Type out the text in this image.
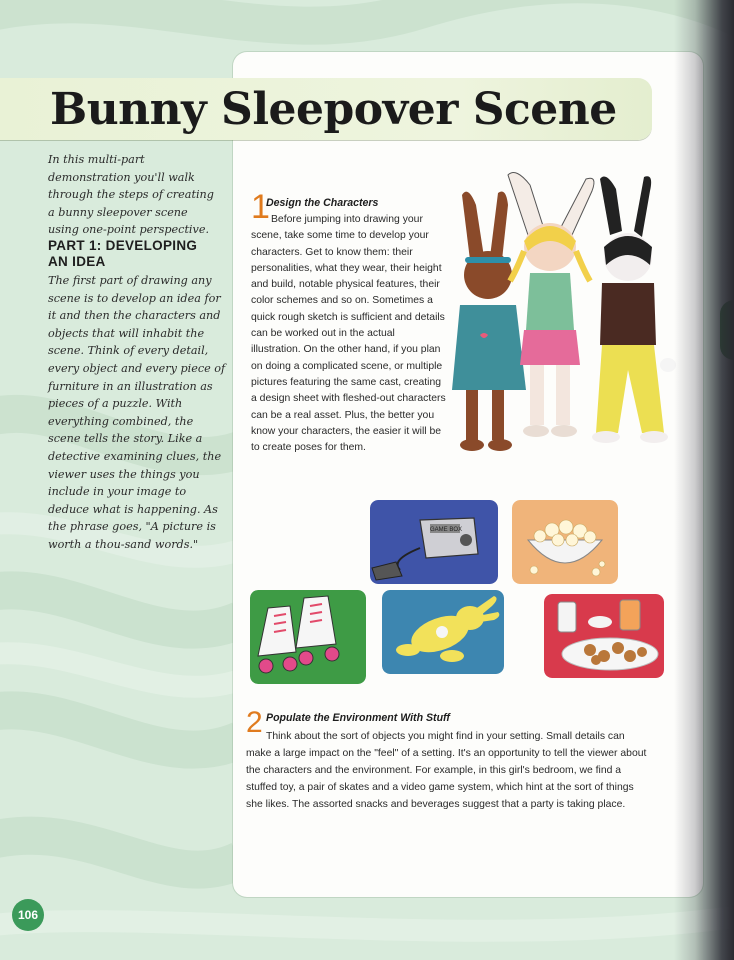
Bunny Sleepover Scene

In this multi-part demonstration you'll walk through the steps of creating a bunny sleepover scene using one-point perspective.

PART 1: DEVELOPING AN IDEA

The first part of drawing any scene is to develop an idea for it and then the characters and objects that will inhabit the scene. Think of every detail, every object and every piece of furniture in an illustration as pieces of a puzzle. With everything combined, the scene tells the story. Like a detective examining clues, the viewer uses the things you include in your image to deduce what is happening. As the phrase goes, "A picture is worth a thou-sand words."

1
Design the Characters

Before jumping into drawing your scene, take some time to develop your characters. Get to know them: their personalities, what they wear, their height and build, notable physical features, their color schemes and so on. Sometimes a quick rough sketch is sufficient and details can be worked out in the actual illustration. On the other hand, if you plan on doing a complicated scene, or multiple pictures featuring the same cast, creating a design sheet with fleshed-out characters can be a real asset. Plus, the better you know your characters, the easier it will be to create poses for them.

GAME BOX
2 Populate the Environment With Stuff

Think about the sort of objects you might find in your setting. Small details can make a large impact on the "feel" of a setting. It's an opportunity to tell the viewer about the characters and the environment. For example, in this girl's bedroom, we find a stuffed toy, a pair of skates and a video game system, which hint at the sort of things she likes. The assorted snacks and beverages suggest that a party is taking place.

106
